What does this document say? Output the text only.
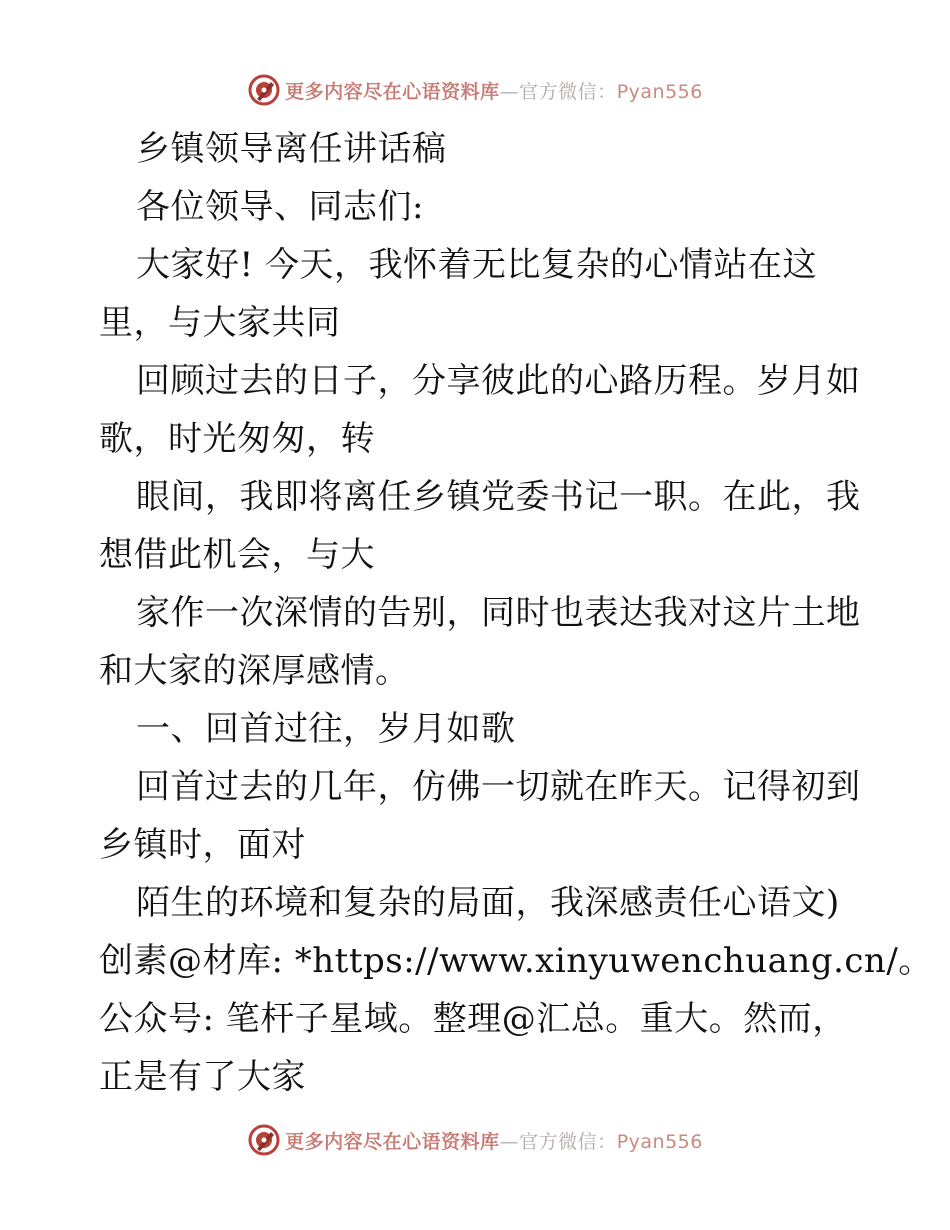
更多内容尽在心语资料库—官方微信：Pyan556
乡镇领导离任讲话稿
各位领导、同志们:
大家好! 今天，我怀着无比复杂的心情站在这
里，与大家共同
回顾过去的日子，分享彼此的心路历程。岁月如
歌，时光匆匆，转
眼间，我即将离任乡镇党委书记一职。在此，我
想借此机会，与大
家作一次深情的告别，同时也表达我对这片土地
和大家的深厚感情。
一、回首过往，岁月如歌
回首过去的几年，仿佛一切就在昨天。记得初到
乡镇时，面对
陌生的环境和复杂的局面，我深感责任心语文)
创素@材库: *https://www.xinyuwenchuang.cn/。
公众号: 笔杆子星域。整理@汇总。重大。然而，
正是有了大家
更多内容尽在心语资料库—官方微信：Pyan556
